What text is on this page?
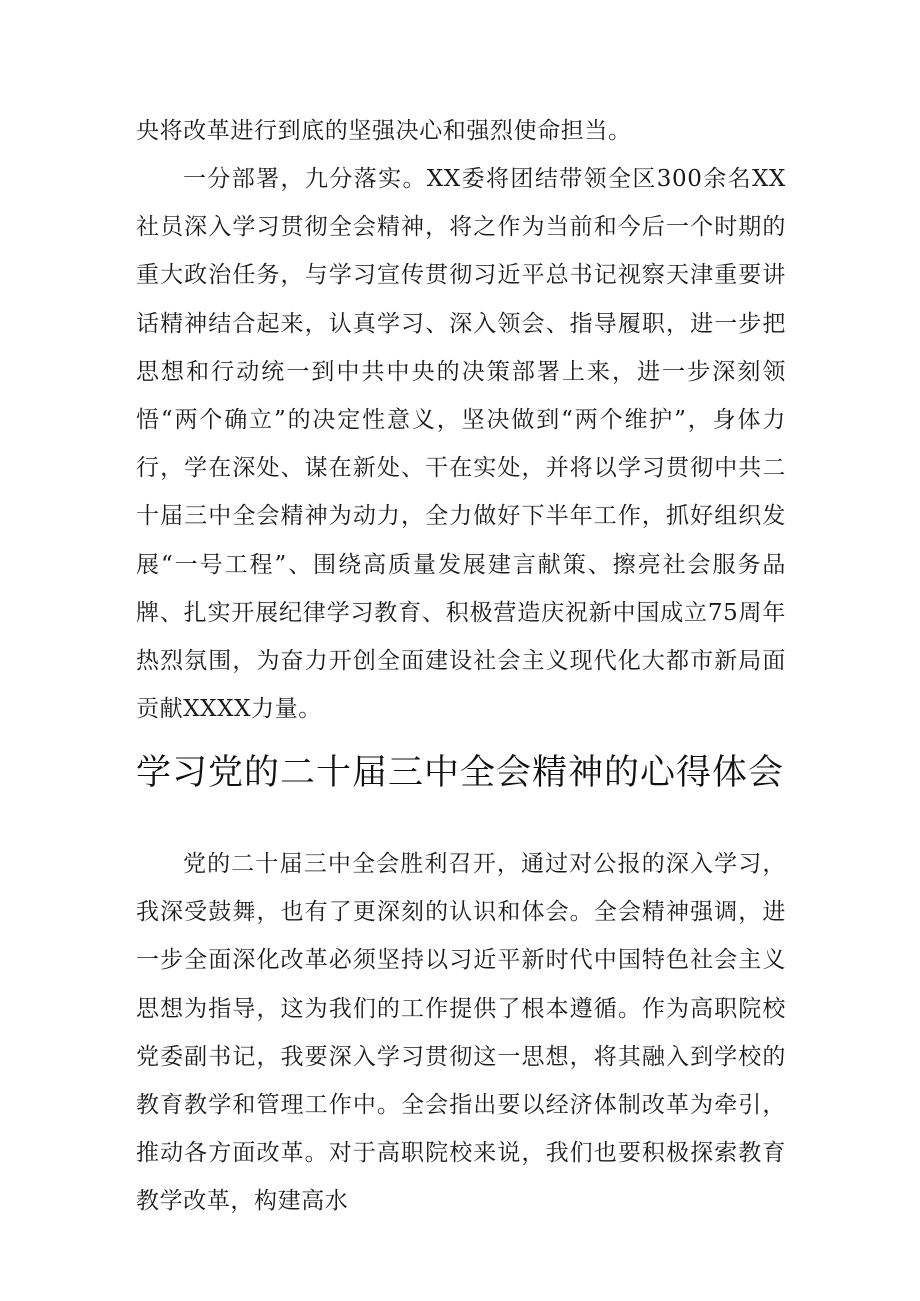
央将改革进行到底的坚强决心和强烈使命担当。

一分部署，九分落实。XX委将团结带领全区300余名XX社员深入学习贯彻全会精神，将之作为当前和今后一个时期的重大政治任务，与学习宣传贯彻习近平总书记视察天津重要讲话精神结合起来，认真学习、深入领会、指导履职，进一步把思想和行动统一到中共中央的决策部署上来，进一步深刻领悟“两个确立”的决定性意义，坚决做到“两个维护”，身体力行，学在深处、谋在新处、干在实处，并将以学习贯彻中共二十届三中全会精神为动力，全力做好下半年工作，抓好组织发展“一号工程”、围绕高质量发展建言献策、擦亮社会服务品牌、扎实开展纪律学习教育、积极营造庆祝新中国成立75周年热烈氛围，为奋力开创全面建设社会主义现代化大都市新局面贡献XXXX力量。

学习党的二十届三中全会精神的心得体会

党的二十届三中全会胜利召开，通过对公报的深入学习，我深受鼓舞，也有了更深刻的认识和体会。全会精神强调，进一步全面深化改革必须坚持以习近平新时代中国特色社会主义思想为指导，这为我们的工作提供了根本遵循。作为高职院校党委副书记，我要深入学习贯彻这一思想，将其融入到学校的教育教学和管理工作中。全会指出要以经济体制改革为牵引，推动各方面改革。对于高职院校来说，我们也要积极探索教育教学改革，构建高水
